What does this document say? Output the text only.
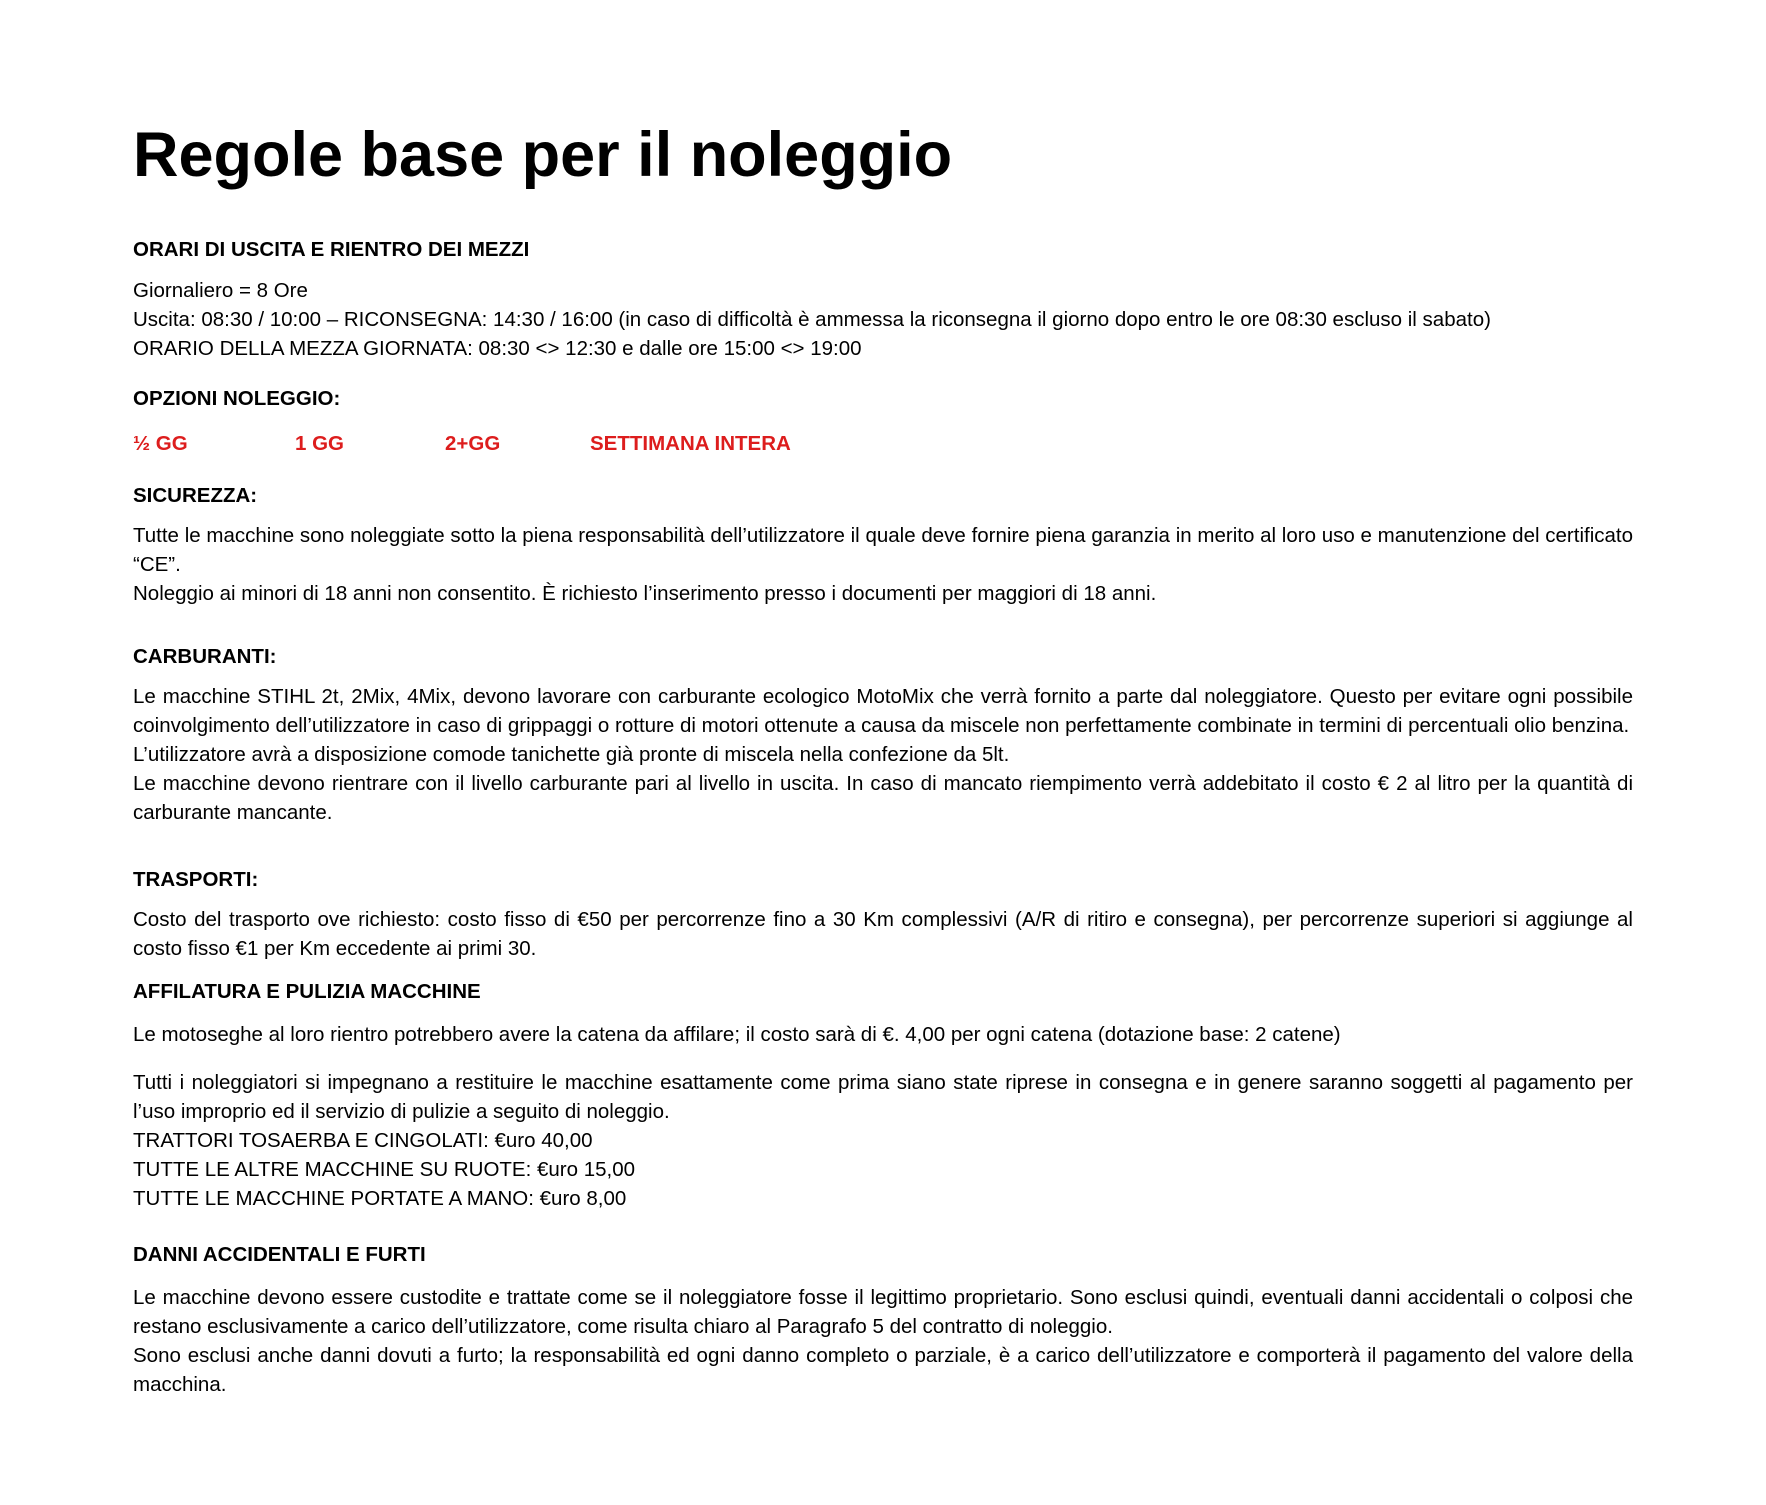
Regole base per il noleggio
ORARI DI USCITA E RIENTRO DEI MEZZI
Giornaliero = 8 Ore
Uscita: 08:30 / 10:00 – RICONSEGNA: 14:30 / 16:00 (in caso di difficoltà è ammessa la riconsegna il giorno dopo entro le ore 08:30 escluso il sabato)
ORARIO DELLA MEZZA GIORNATA: 08:30 <> 12:30 e dalle ore 15:00 <> 19:00
OPZIONI NOLEGGIO:
½ GG	1 GG	2+GG	SETTIMANA INTERA
SICUREZZA:
Tutte le macchine sono noleggiate sotto la piena responsabilità dell’utilizzatore il quale deve fornire piena garanzia in merito al loro uso e manutenzione del certificato “CE”.
Noleggio ai minori di 18 anni non consentito. È richiesto l’inserimento presso i documenti per maggiori di 18 anni.
CARBURANTI:
Le macchine STIHL 2t, 2Mix, 4Mix, devono lavorare con carburante ecologico MotoMix che verrà fornito a parte dal noleggiatore. Questo per evitare ogni possibile coinvolgimento dell’utilizzatore in caso di grippaggi o rotture di motori ottenute a causa da miscele non perfettamente combinate in termini di percentuali olio benzina.
L’utilizzatore avrà a disposizione comode tanichette già pronte di miscela nella confezione da 5lt.
Le macchine devono rientrare con il livello carburante pari al livello in uscita. In caso di mancato riempimento verrà addebitato il costo € 2 al litro per la quantità di carburante mancante.
TRASPORTI:
Costo del trasporto ove richiesto: costo fisso di €50 per percorrenze fino a 30 Km complessivi (A/R di ritiro e consegna), per percorrenze superiori si aggiunge al costo fisso €1 per Km eccedente ai primi 30.
AFFILATURA E PULIZIA MACCHINE
Le motoseghe al loro rientro potrebbero avere la catena da affilare; il costo sarà di €. 4,00 per ogni catena (dotazione base: 2 catene)
Tutti i noleggiatori si impegnano a restituire le macchine esattamente come prima siano state riprese in consegna e in genere saranno soggetti al pagamento per l’uso improprio ed il servizio di pulizie a seguito di noleggio.
TRATTORI TOSAERBA E CINGOLATI: €uro 40,00
TUTTE LE ALTRE MACCHINE SU RUOTE: €uro 15,00
TUTTE LE MACCHINE PORTATE A MANO: €uro 8,00
DANNI ACCIDENTALI E FURTI
Le macchine devono essere custodite e trattate come se il noleggiatore fosse il legittimo proprietario. Sono esclusi quindi, eventuali danni accidentali o colposi che restano esclusivamente a carico dell’utilizzatore, come risulta chiaro al Paragrafo 5 del contratto di noleggio.
Sono esclusi anche danni dovuti a furto; la responsabilità ed ogni danno completo o parziale, è a carico dell’utilizzatore e comporterà il pagamento del valore della macchina.
